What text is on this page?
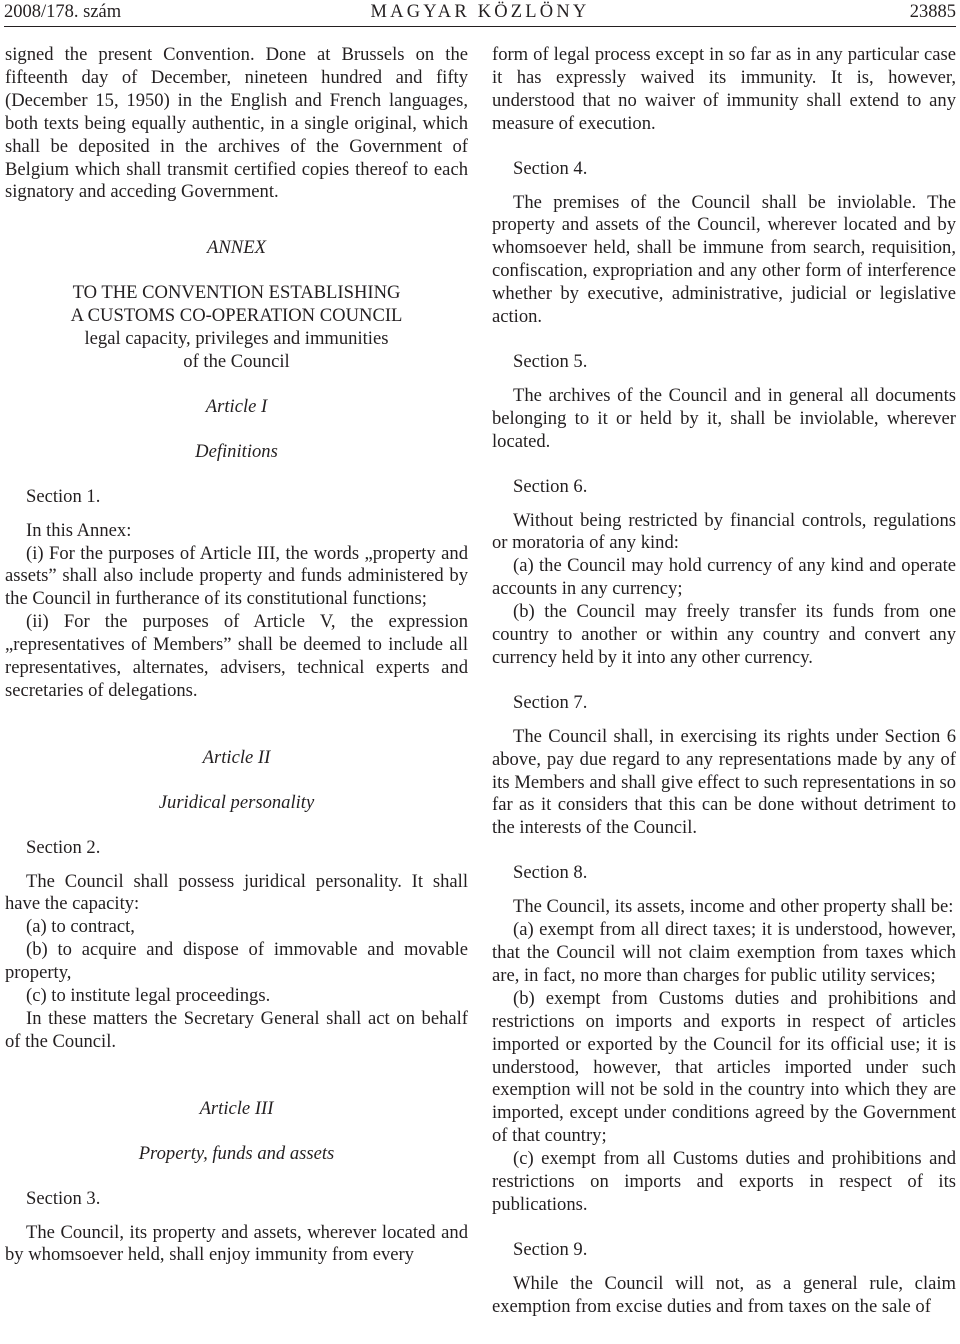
2008/178. szám	MAGYAR KÖZLÖNY	23885

signed the present Convention. Done at Brussels on the fifteenth day of December, nineteen hundred and fifty (December 15, 1950) in the English and French languages, both texts being equally authentic, in a single original, which shall be deposited in the archives of the Government of Belgium which shall transmit certified copies thereof to each signatory and acceding Government.

ANNEX

TO THE CONVENTION ESTABLISHING

A CUSTOMS CO-OPERATION COUNCIL

legal capacity, privileges and immunities

of the Council

Article I

Definitions

Section 1.

In this Annex:

(i) For the purposes of Article III, the words „property and assets” shall also include property and funds administered by the Council in furtherance of its constitutional functions;

(ii) For the purposes of Article V, the expression „representatives of Members” shall be deemed to include all representatives, alternates, advisers, technical experts and secretaries of delegations.

Article II

Juridical personality

Section 2.

The Council shall possess juridical personality. It shall have the capacity:

(a) to contract,

(b) to acquire and dispose of immovable and movable property,

(c) to institute legal proceedings.

In these matters the Secretary General shall act on behalf of the Council.

Article III

Property, funds and assets

Section 3.

The Council, its property and assets, wherever located and by whomsoever held, shall enjoy immunity from every

form of legal process except in so far as in any particular case it has expressly waived its immunity. It is, however, understood that no waiver of immunity shall extend to any measure of execution.

Section 4.

The premises of the Council shall be inviolable. The property and assets of the Council, wherever located and by whomsoever held, shall be immune from search, requisition, confiscation, expropriation and any other form of interference whether by executive, administrative, judicial or legislative action.

Section 5.

The archives of the Council and in general all documents belonging to it or held by it, shall be inviolable, wherever located.

Section 6.

Without being restricted by financial controls, regulations or moratoria of any kind:

(a) the Council may hold currency of any kind and operate accounts in any currency;

(b) the Council may freely transfer its funds from one country to another or within any country and convert any currency held by it into any other currency.

Section 7.

The Council shall, in exercising its rights under Section 6 above, pay due regard to any representations made by any of its Members and shall give effect to such representations in so far as it considers that this can be done without detriment to the interests of the Council.

Section 8.

The Council, its assets, income and other property shall be:

(a) exempt from all direct taxes; it is understood, however, that the Council will not claim exemption from taxes which are, in fact, no more than charges for public utility services;

(b) exempt from Customs duties and prohibitions and restrictions on imports and exports in respect of articles imported or exported by the Council for its official use; it is understood, however, that articles imported under such exemption will not be sold in the country into which they are imported, except under conditions agreed by the Government of that country;

(c) exempt from all Customs duties and prohibitions and restrictions on imports and exports in respect of its publications.

Section 9.

While the Council will not, as a general rule, claim exemption from excise duties and from taxes on the sale of
